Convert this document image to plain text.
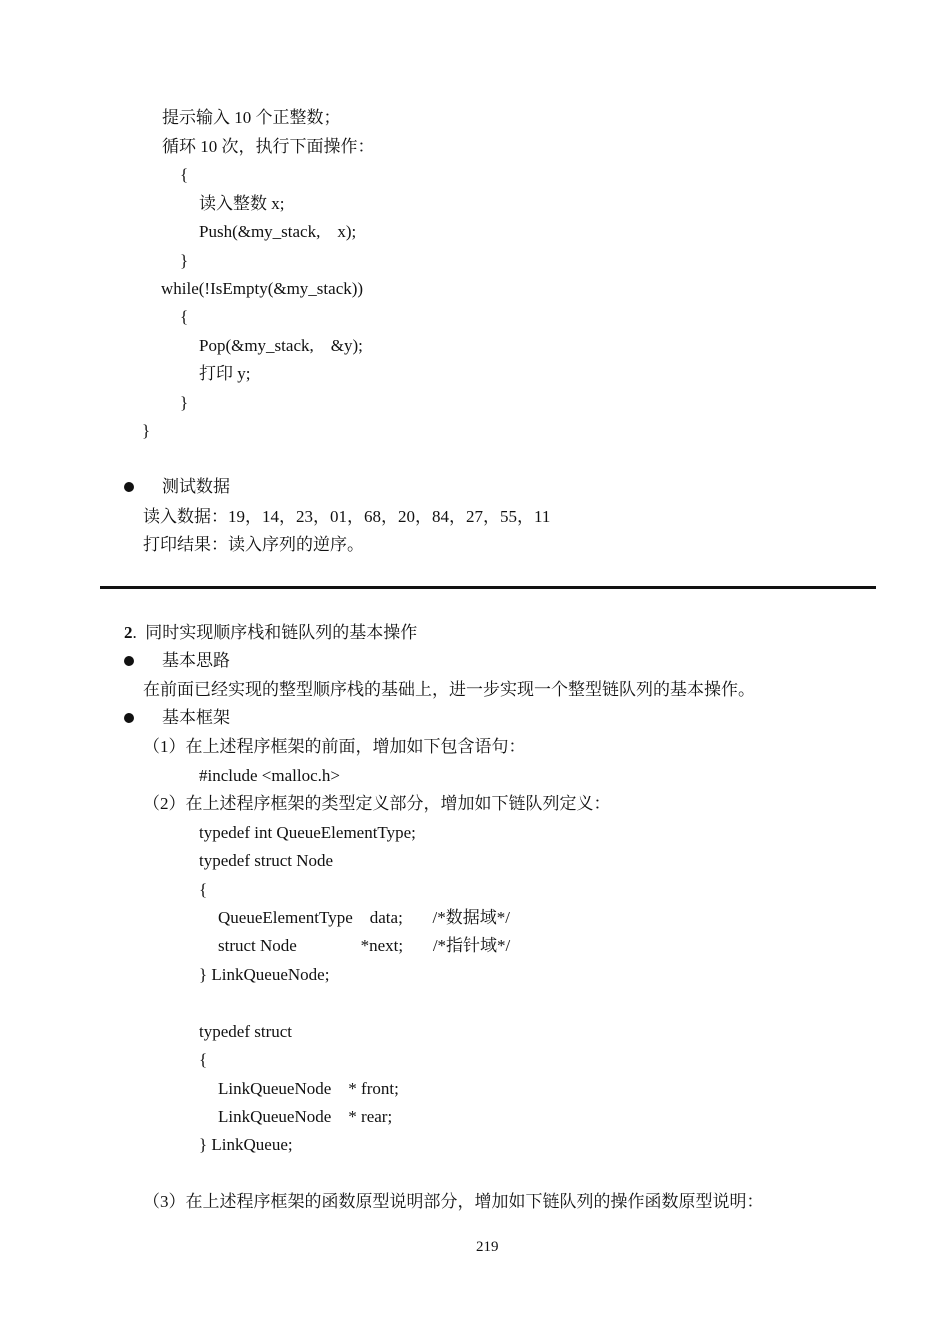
提示输入 10 个正整数；
循环 10 次，执行下面操作：
{
读入整数 x;
Push(&my_stack,    x);
}
while(!IsEmpty(&my_stack))
{
Pop(&my_stack,    &y);
打印 y;
}
}
测试数据
读入数据：19，14，23，01，68，20，84，27，55，11
打印结果：读入序列的逆序。
2.  同时实现顺序栈和链队列的基本操作
基本思路
在前面已经实现的整型顺序栈的基础上，进一步实现一个整型链队列的基本操作。
基本框架
（1）在上述程序框架的前面，增加如下包含语句：
#include <malloc.h>
（2）在上述程序框架的类型定义部分，增加如下链队列定义：
typedef int QueueElementType;
typedef struct Node
{
QueueElementType    data;       /*数据域*/
struct Node               *next;       /*指针域*/
} LinkQueueNode;
typedef struct
{
LinkQueueNode    * front;
LinkQueueNode    * rear;
} LinkQueue;
（3）在上述程序框架的函数原型说明部分，增加如下链队列的操作函数原型说明：
219
